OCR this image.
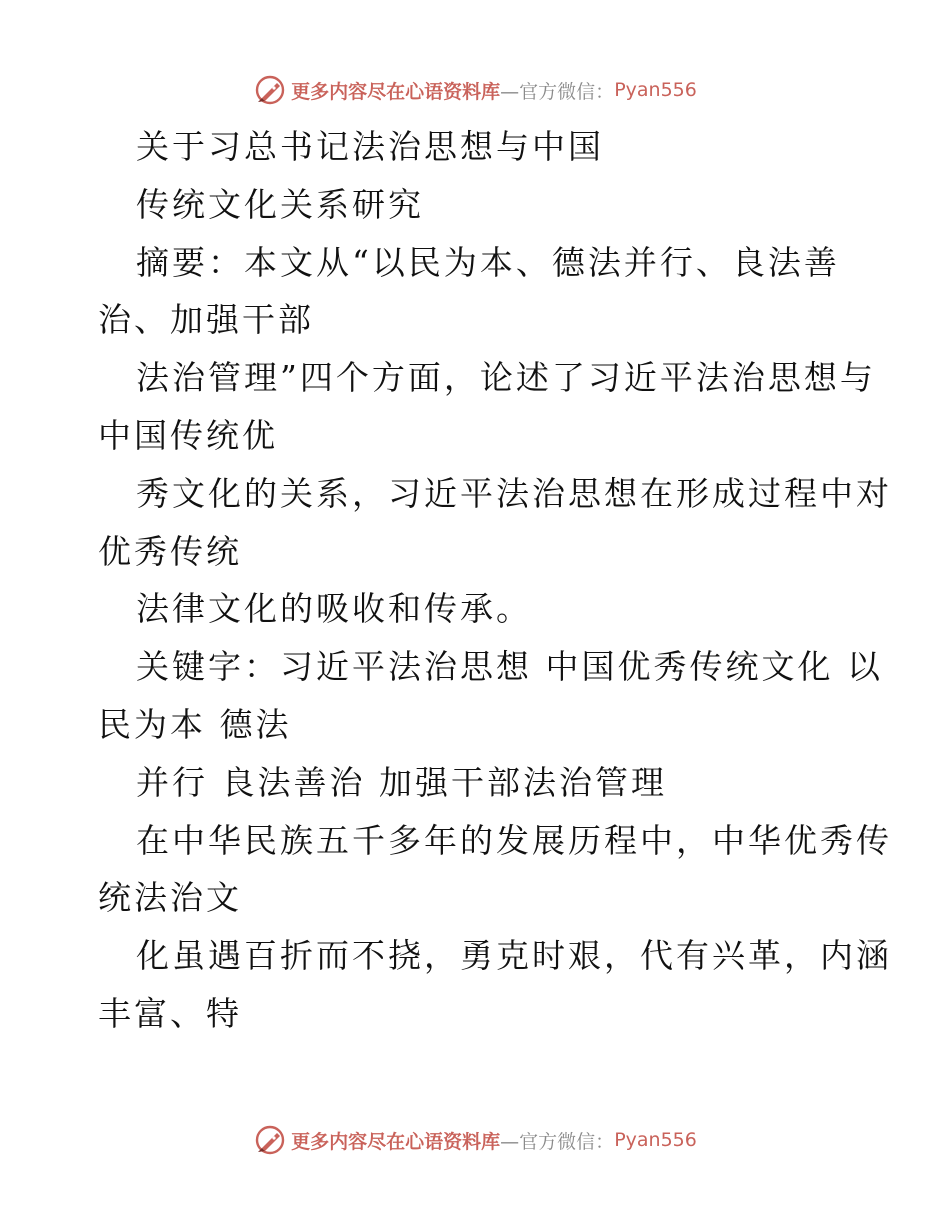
更多内容尽在心语资料库 —官方微信： Pyan556
关于习总书记法治思想与中国
传统文化关系研究
摘要：本文从“以民为本、德法并行、良法善
治、加强干部
法治管理”四个方面，论述了习近平法治思想与
中国传统优
秀文化的关系，习近平法治思想在形成过程中对
优秀传统
法律文化的吸收和传承。
关键字：习近平法治思想 中国优秀传统文化 以
民为本 德法
并行 良法善治 加强干部法治管理
在中华民族五千多年的发展历程中，中华优秀传
统法治文
化虽遇百折而不挠，勇克时艰，代有兴革，内涵
丰富、特
更多内容尽在心语资料库 —官方微信： Pyan556
